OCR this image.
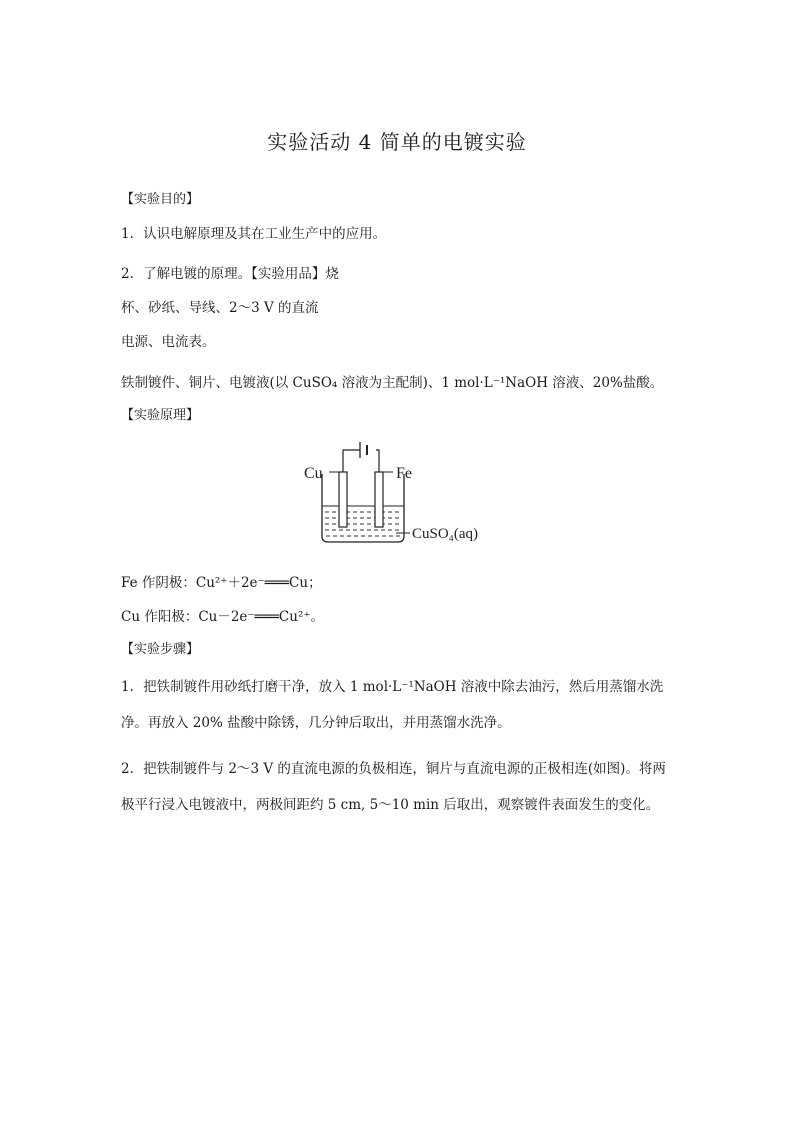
实验活动 4 简单的电镀实验
【实验目的】
1．认识电解原理及其在工业生产中的应用。
2．了解电镀的原理。【实验用品】烧
杯、砂纸、导线、2～3 V 的直流
电源、电流表。
铁制镀件、铜片、电镀液(以 CuSO₄ 溶液为主配制)、1 mol·L⁻¹NaOH 溶液、20%盐酸。
【实验原理】
Cu	Fe
CuSO₄(aq)
Fe 作阴极：Cu²⁺＋2e⁻═══Cu；
Cu 作阳极：Cu－2e⁻═══Cu²⁺。
【实验步骤】
1．把铁制镀件用砂纸打磨干净，放入 1 mol·L⁻¹NaOH 溶液中除去油污，然后用蒸馏水洗
净。再放入 20% 盐酸中除锈，几分钟后取出，并用蒸馏水洗净。
2．把铁制镀件与 2～3 V 的直流电源的负极相连，铜片与直流电源的正极相连(如图)。将两
极平行浸入电镀液中，两极间距约 5 cm, 5～10 min 后取出，观察镀件表面发生的变化。
